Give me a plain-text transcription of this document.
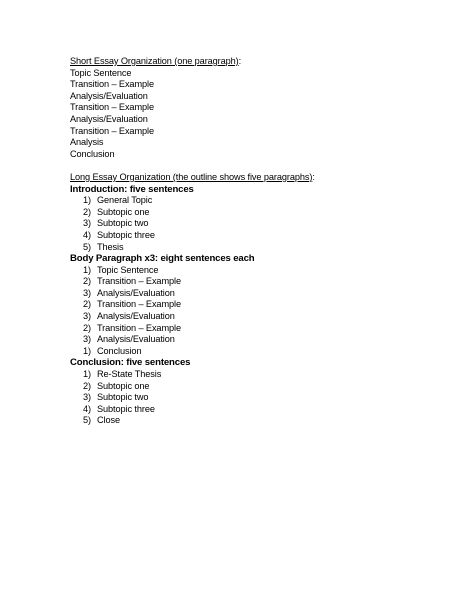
Short Essay Organization (one paragraph):
Topic Sentence
Transition – Example
Analysis/Evaluation
Transition – Example
Analysis/Evaluation
Transition – Example
Analysis
Conclusion
Long Essay Organization (the outline shows five paragraphs):
Introduction: five sentences
1) General Topic
2) Subtopic one
3) Subtopic two
4) Subtopic three
5) Thesis
Body Paragraph x3: eight sentences each
1) Topic Sentence
2) Transition – Example
3) Analysis/Evaluation
2) Transition – Example
3) Analysis/Evaluation
2) Transition – Example
3) Analysis/Evaluation
1) Conclusion
Conclusion: five sentences
1) Re-State Thesis
2) Subtopic one
3) Subtopic two
4) Subtopic three
5) Close
